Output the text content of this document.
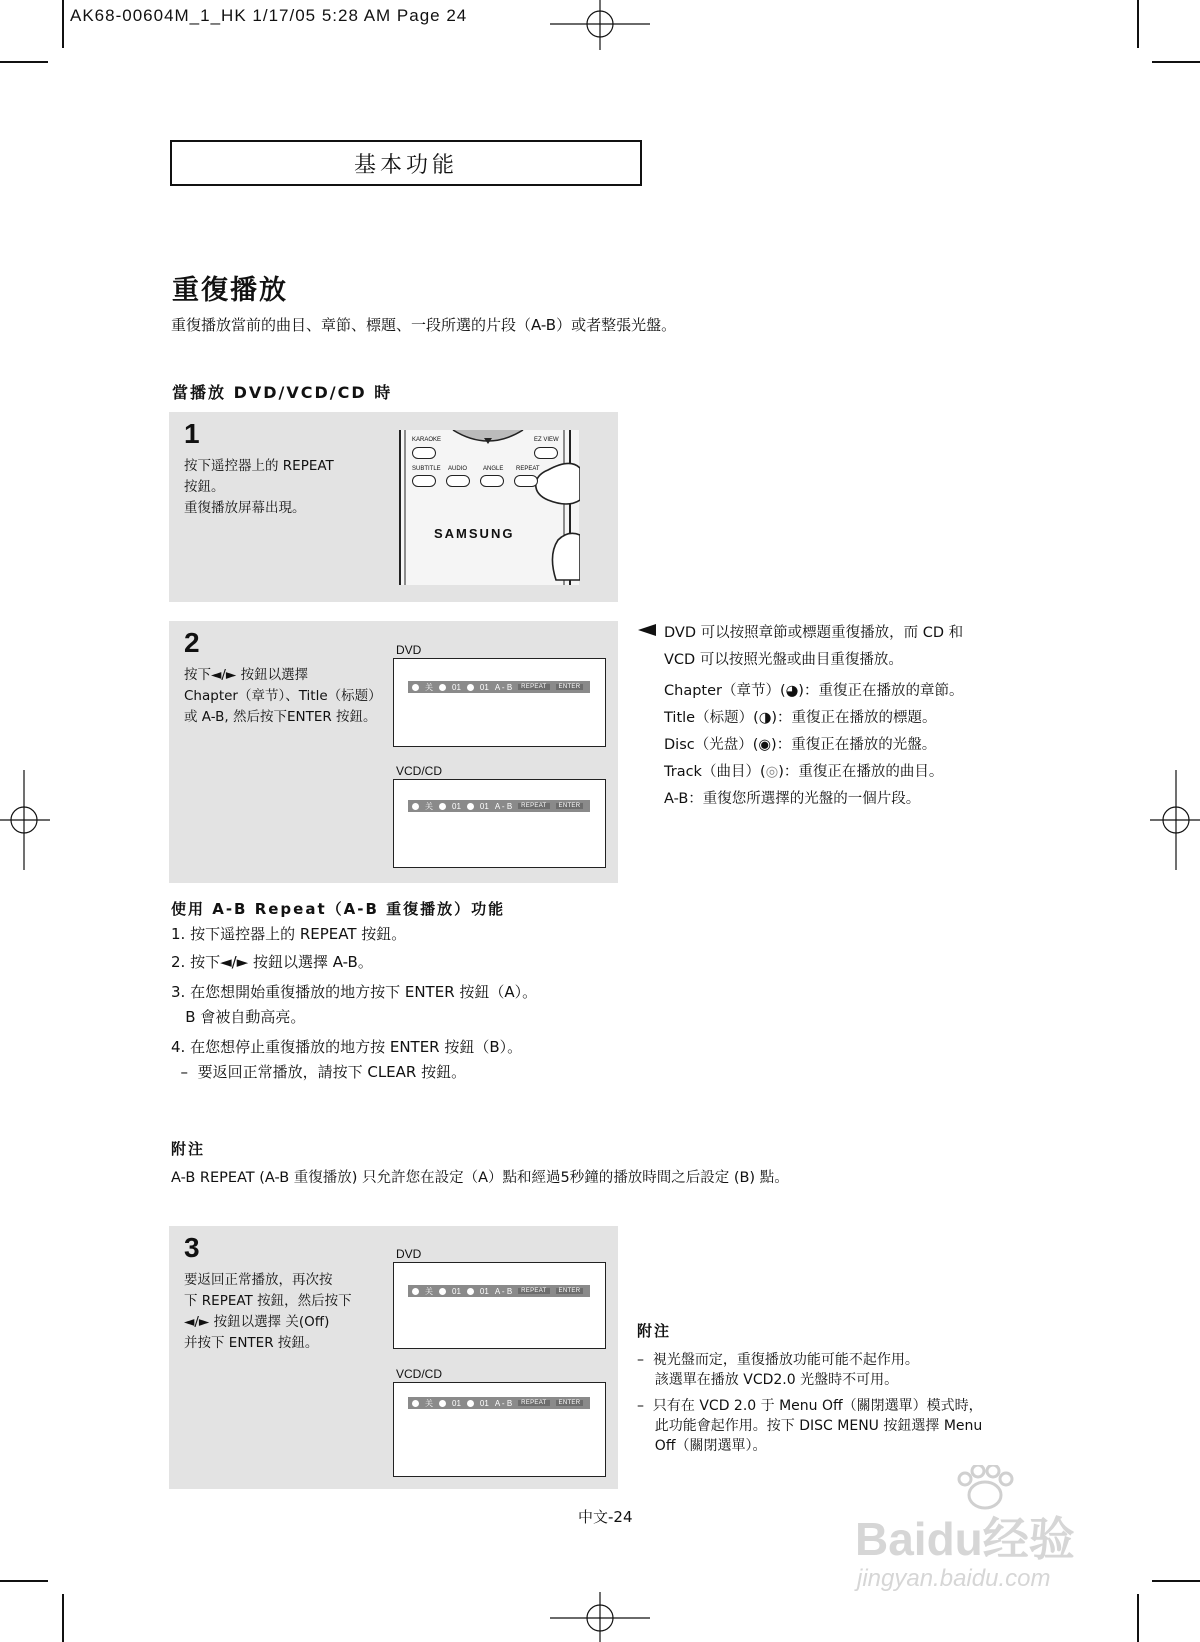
AK68-00604M_1_HK 1/17/05 5:28 AM Page 24
基本功能
重復播放
重復播放當前的曲目、章節、標題、一段所選的片段（A-B）或者整張光盤。
當播放 DVD/VCD/CD 時
1
按下遥控器上的 REPEAT
按鈕。
重復播放屏幕出現。
KARAOKE	EZ VIEW
SUBTITLE AUDIO	ANGLE REPEAT
SAMSUNG
2
按下◄/► 按鈕以選擇
Chapter（章节）、Title（标题）
或 A-B, 然后按下ENTER 按鈕。
DVD
关 01 01 A - B	REPEAT	ENTER
VCD/CD
关 01 01 A - B	REPEAT	ENTER
DVD 可以按照章節或標題重復播放，而 CD 和
VCD 可以按照光盤或曲目重復播放。
Chapter（章节）(◕)：重復正在播放的章節。
Title（标题）(◑)：重復正在播放的標題。
Disc（光盘）(◉)：重復正在播放的光盤。
Track（曲目）(◎)：重復正在播放的曲目。
A-B：重復您所選擇的光盤的一個片段。
使用 A-B Repeat（A-B 重復播放）功能
1. 按下遥控器上的 REPEAT 按鈕。
2. 按下◄/► 按鈕以選擇 A-B。
3. 在您想開始重復播放的地方按下 ENTER 按鈕（A）。
B 會被自動高亮。
4. 在您想停止重復播放的地方按 ENTER 按鈕（B）。
–  要返回正常播放，請按下 CLEAR 按鈕。
附注
A-B REPEAT (A-B 重復播放) 只允許您在設定（A）點和經過5秒鐘的播放時間之后設定 (B) 點。
3
要返回正常播放，再次按
下 REPEAT 按鈕，然后按下
◄/► 按鈕以選擇 关(Off)
并按下 ENTER 按鈕。
DVD
关 01 01 A - B	REPEAT	ENTER
VCD/CD
关 01 01 A - B	REPEAT	ENTER
附注
–  視光盤而定，重復播放功能可能不起作用。
該選單在播放 VCD2.0 光盤時不可用。
–  只有在 VCD 2.0 于 Menu Off（關閉選單）模式時，
此功能會起作用。按下 DISC MENU 按鈕選擇 Menu
Off（關閉選單）。
中文-24	Baidu经验
jingyan.baidu.com
